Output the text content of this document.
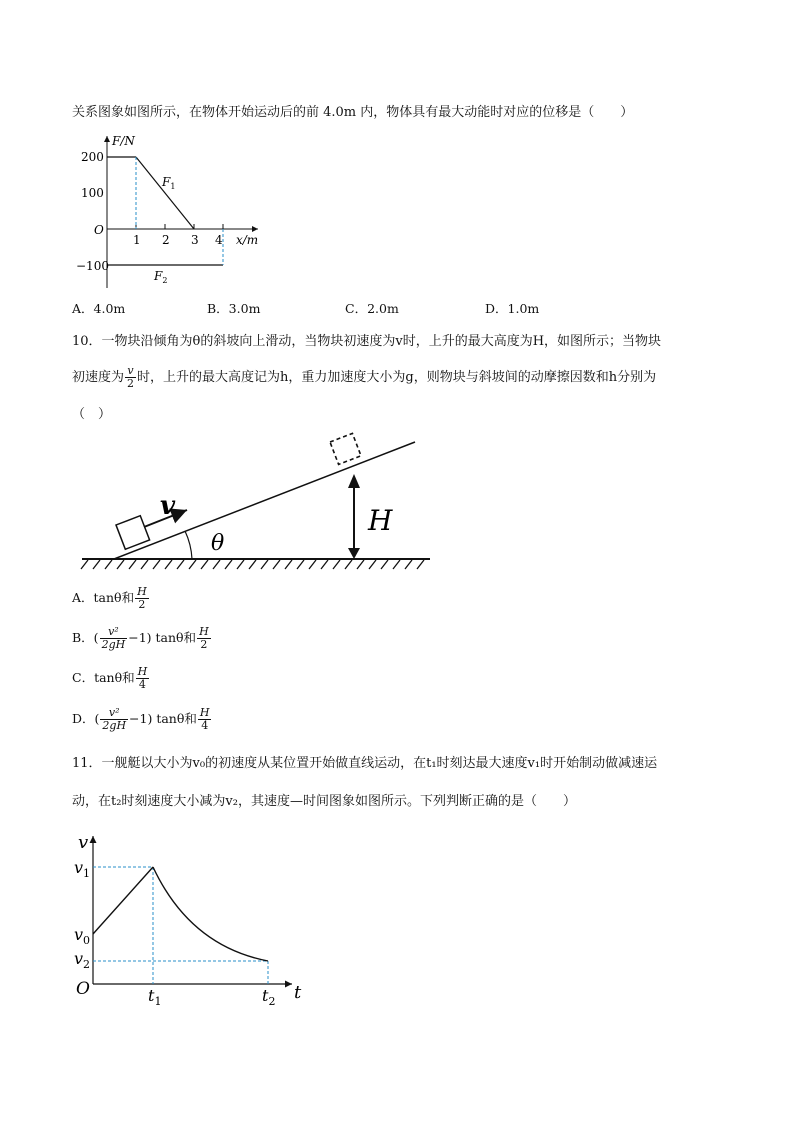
关系图象如图所示，在物体开始运动后的前 4.0m 内，物体具有最大动能时对应的位移是（　　）
F/N
200
100
−100
O
1 2 3 4 x/m
$F_1$
$F_2$
A．4.0m	B．3.0m	C．2.0m	D．1.0m
10．一物块沿倾角为θ的斜坡向上滑动，当物块初速度为v时，上升的最大高度为H，如图所示；当物块
初速度为 $\frac{v}{2}$ 时，上升的最大高度记为h，重力加速度大小为g，则物块与斜坡间的动摩擦因数和h分别为
（　）
v
θ
H
A．tanθ和 $\frac{H}{2}$
B．( $\frac{\text{v²}}{2gH} -1$) tanθ和 $\frac{H}{2}$
C．tanθ和 $\frac{H}{4}$
D．( $\frac{\text{v²}}{2gH} -1$) tanθ和 $\frac{H}{4}$
11．一舰艇以大小为v₀的初速度从某位置开始做直线运动，在t₁时刻达最大速度v₁时开始制动做减速运
动，在t₂时刻速度大小减为v₂，其速度—时间图象如图所示。下列判断正确的是（　　）
v
$v_1$
$v_0$
$v_2$
O	$t_1$	$t_2$ t
